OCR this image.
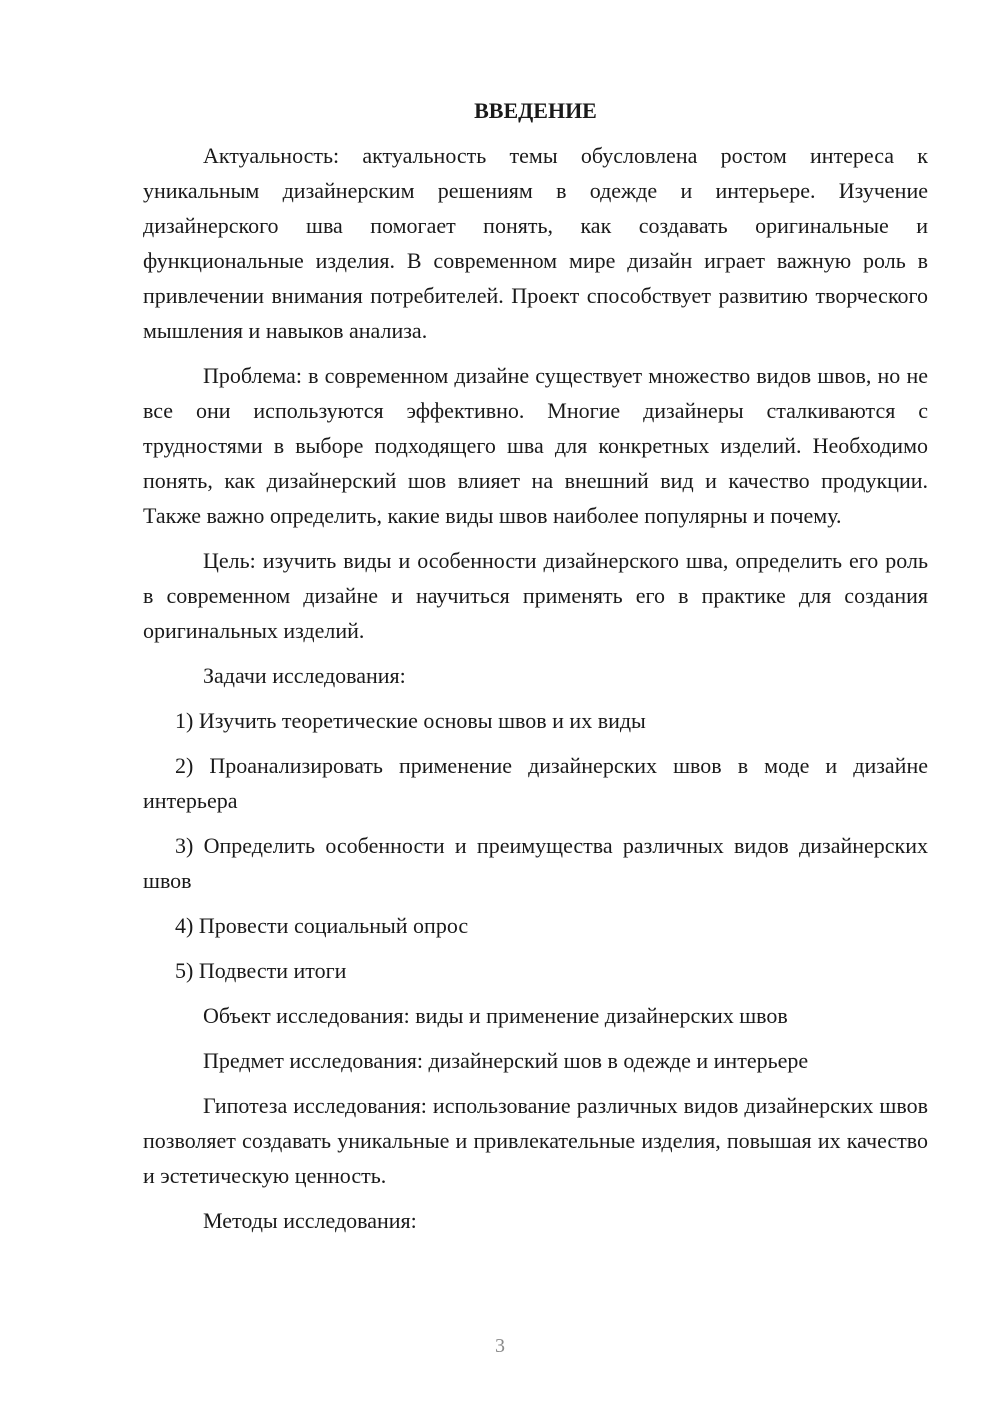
ВВЕДЕНИЕ

Актуальность: актуальность темы обусловлена ростом интереса к уникальным дизайнерским решениям в одежде и интерьере. Изучение дизайнерского шва помогает понять, как создавать оригинальные и функциональные изделия. В современном мире дизайн играет важную роль в привлечении внимания потребителей. Проект способствует развитию творческого мышления и навыков анализа.

Проблема: в современном дизайне существует множество видов швов, но не все они используются эффективно. Многие дизайнеры сталкиваются с трудностями в выборе подходящего шва для конкретных изделий. Необходимо понять, как дизайнерский шов влияет на внешний вид и качество продукции. Также важно определить, какие виды швов наиболее популярны и почему.

Цель: изучить виды и особенности дизайнерского шва, определить его роль в современном дизайне и научиться применять его в практике для создания оригинальных изделий.

Задачи исследования:

1) Изучить теоретические основы швов и их виды

2) Проанализировать применение дизайнерских швов в моде и дизайне интерьера

3) Определить особенности и преимущества различных видов дизайнерских швов

4) Провести социальный опрос

5) Подвести итоги

Объект исследования: виды и применение дизайнерских швов

Предмет исследования: дизайнерский шов в одежде и интерьере

Гипотеза исследования: использование различных видов дизайнерских швов позволяет создавать уникальные и привлекательные изделия, повышая их качество и эстетическую ценность.

Методы исследования:

3
